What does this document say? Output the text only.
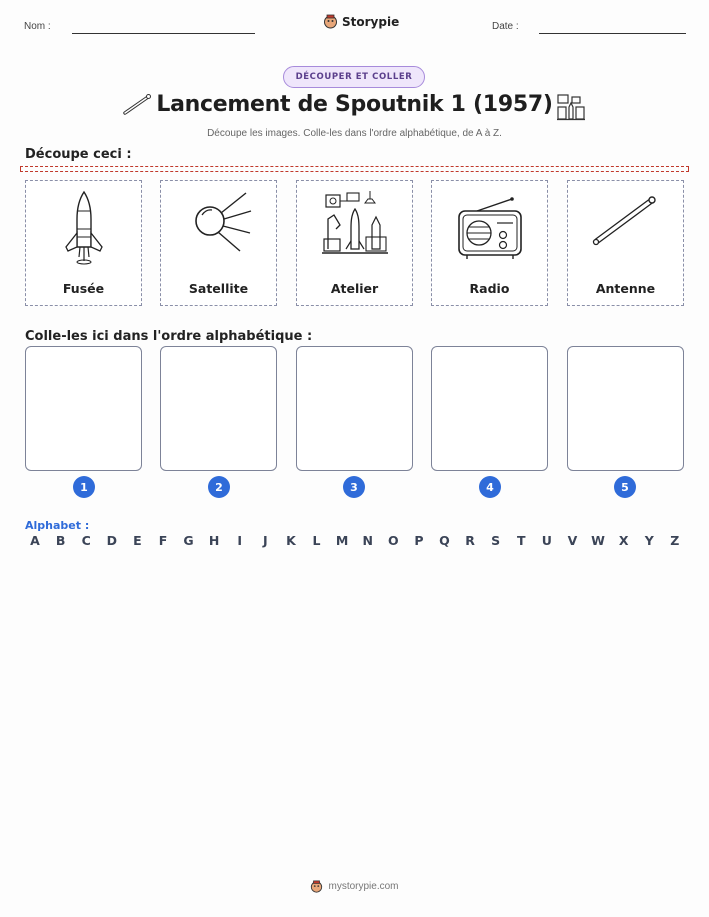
Nom :	Storypie	Date :
DÉCOUPER ET COLLER
Lancement de Spoutnik 1 (1957)
Découpe les images. Colle-les dans l'ordre alphabétique, de A à Z.
Découpe ceci :
Fusée	Satellite	Atelier	Radio	Antenne
Colle-les ici dans l'ordre alphabétique :
1	2	3	4	5
Alphabet :
A	B	C	D	E	F	G	H	I	J	K	L	M	N	O	P	Q	R	S	T	U	V	W	X	Y	Z
mystorypie.com
